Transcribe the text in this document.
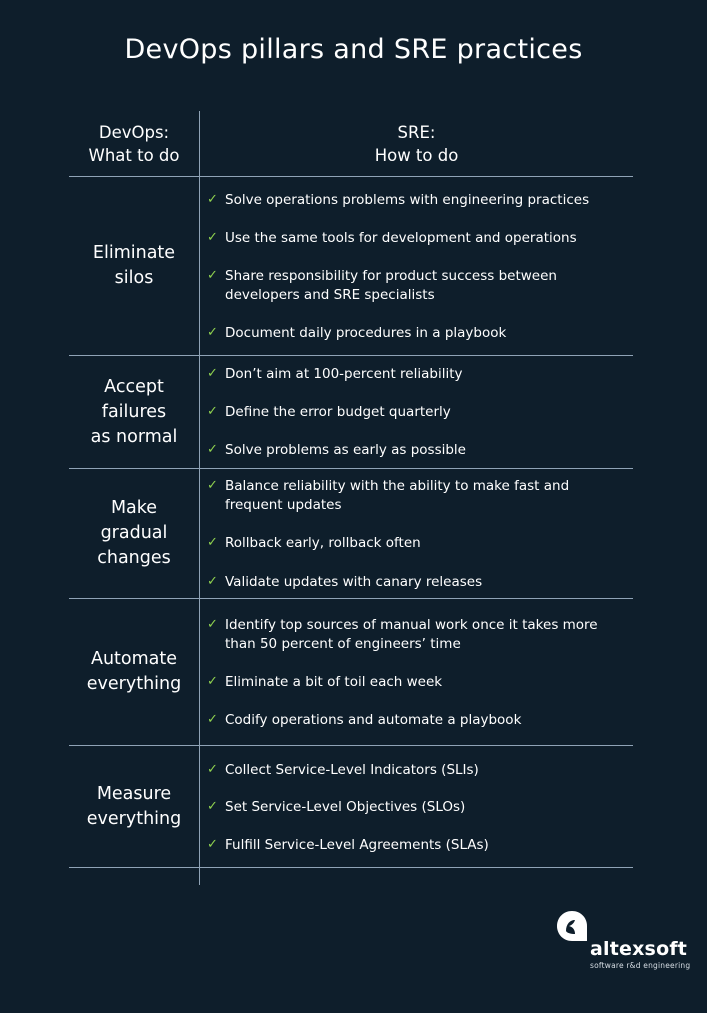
DevOps pillars and SRE practices
DevOps:
What to do
SRE:
How to do
Eliminate
silos
✓ Solve operations problems with engineering practices
✓ Use the same tools for development and operations
✓ Share responsibility for product success between
developers and SRE specialists
✓ Document daily procedures in a playbook
Accept
failures
as normal
✓ Don’t aim at 100-percent reliability
✓ Define the error budget quarterly
✓ Solve problems as early as possible
Make
gradual
changes
✓ Balance reliability with the ability to make fast and
frequent updates
✓ Rollback early, rollback often
✓ Validate updates with canary releases
Automate
everything
✓ Identify top sources of manual work once it takes more
than 50 percent of engineers’ time
✓ Eliminate a bit of toil each week
✓ Codify operations and automate a playbook
Measure
everything
✓ Collect Service-Level Indicators (SLIs)
✓ Set Service-Level Objectives (SLOs)
✓ Fulfill Service-Level Agreements (SLAs)
altexsoft
software r&d engineering
